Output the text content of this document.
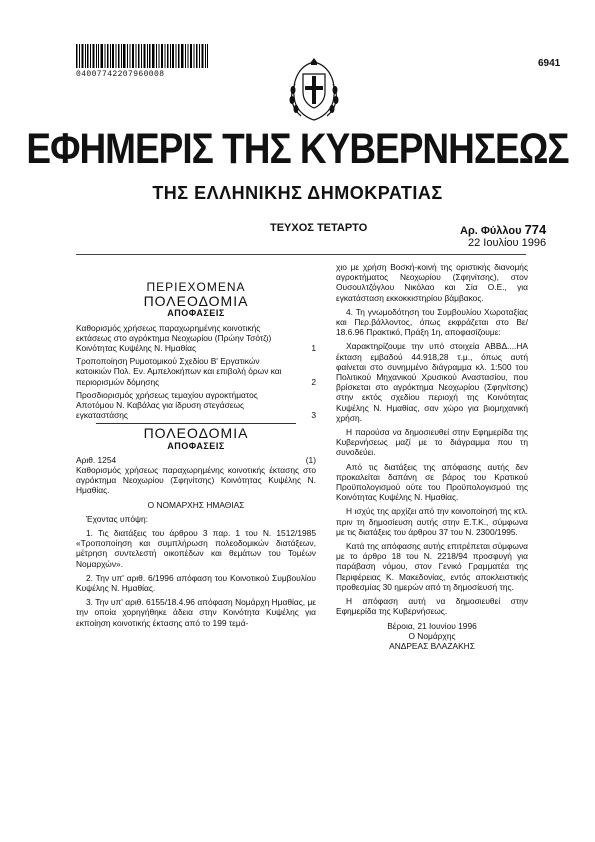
04007742207960008
6941
ΕΦΗΜΕΡΙΣ ΤΗΣ ΚΥΒΕΡΝΗΣΕΩΣ
ΤΗΣ ΕΛΛΗΝΙΚΗΣ ΔΗΜΟΚΡΑΤΙΑΣ
ΤΕΥΧΟΣ ΤΕΤΑΡΤΟ	Αρ. Φύλλου 774
22 Ιουλίου 1996
ΠΕΡΙΕΧΟΜΕΝΑ
ΠΟΛΕΟΔΟΜΙΑ
ΑΠΟΦΑΣΕΙΣ
Καθορισμός χρήσεως παραχωρημένης κοινοτικής εκτάσεως στο αγρόκτημα Νεοχωρίου (Πρώην Τσότζι) Κοινότητας Κυψέλης Ν. Ημαθίας	1
Τροποποίηση Ρυμοτομικού Σχεδίου Β' Εργατικών κατοικιών Πολ. Εν. Αμπελοκήπων και επιβολή όρων και περιορισμών δόμησης	2
Προσδιορισμός χρήσεως τεμαχίου αγροκτήματος Αποτόμου Ν. Καβάλας για ίδρυση στεγάσεως εγκαταστάσης	3
ΠΟΛΕΟΔΟΜΙΑ
ΑΠΟΦΑΣΕΙΣ
Αριθ. 1254	(1)

Καθορισμός χρήσεως παραχωρημένης κοινοτικής έκτασης στο αγρόκτημα Νεοχωρίου (Σφηνίτσης) Κοινότητας Κυψέλης Ν. Ημαθίας.

Ο ΝΟΜΑΡΧΗΣ ΗΜΑΘΙΑΣ

Έχοντας υπόψη:

1. Τις διατάξεις του άρθρου 3 παρ. 1 του Ν. 1512/1985 «Τροποποίηση και συμπλήρωση πολεοδομικών διατάξεων, μέτρηση συντελεστή οικοπέδων και θεμάτων του Τομέων Νομαρχών».

2. Την υπ' αριθ. 6/1996 απόφαση του Κοινοτικού Συμβουλίου Κυψέλης Ν. Ημαθίας.

3. Την υπ' αριθ. 6155/18.4.96 απόφαση Νομάρχη Ημαθίας, με την οποία χορηγήθηκε άδεια στην Κοινότητα Κυψέλης για εκποίηση κοινοτικής έκτασης από το 199 τεμά-

χιο με χρήση Βοσκή-κοινή της οριστικής διανομής αγροκτήματος Νεοχωρίου (Σφηνίτσης), στον Ουσουλτζόγλου Νικόλαο και Σία Ο.Ε., για εγκατάσταση εκκοκκιστηρίου βάμβακος.

4. Τη γνωμοδότηση του Συμβουλίου Χωροταξίας και Περ.βάλλοντος, όπως εκφράζεται στο Βε/ 18.6.96 Πρακτικό, Πράξη 1η, αποφασίζουμε:

Χαρακτηρίζουμε την υπό στοιχεία ΑΒΒΔ....ΗΑ έκταση εμβαδού 44.918,28 τ.μ., όπως αυτή φαίνεται στο συνημμένο διάγραμμα κλ. 1:500 του Πολιτικού Μηχανικού Χρυσικού Αναστασίου, που βρίσκεται στο αγρόκτημα Νεοχωρίου (Σφηνίτσης) στην εκτός σχεδίου περιοχή της Κοινότητας Κυψέλης Ν. Ημαθίας, σαν χώρο για βιομηχανική χρήση.

Η παρούσα να δημοσιευθεί στην Εφημερίδα της Κυβερνήσεως μαζί με το διάγραμμα που τη συνοδεύει.

Από τις διατάξεις της απόφασης αυτής δεν προκαλείται δαπάνη σε βάρος του Κρατικού Προϋπολογισμού ούτε του Προϋπολογισμού της Κοινότητας Κυψέλης Ν. Ημαθίας.

Η ισχύς της αρχίζει από την κοινοποίησή της κτλ. πριν τη δημοσίευση αυτής στην Ε.Τ.Κ., σύμφωνα με τις διατάξεις του άρθρου 37 του Ν. 2300/1995.

Κατά της απόφασης αυτής επιτρέπεται σύμφωνα με το άρθρο 18 του Ν. 2218/94 προσφυγή για παράβαση νόμου, στον Γενικό Γραμματέα της Περιφέρειας Κ. Μακεδονίας, εντός αποκλειστικής προθεσμίας 30 ημερών από τη δημοσίευσή της.

Η απόφαση αυτή να δημοσιευθεί στην Εφημερίδα της Κυβερνήσεως.

Βέροια, 21 Ιουνίου 1996

Ο Νομάρχης

ΑΝΔΡΕΑΣ ΒΛΑΖΑΚΗΣ
